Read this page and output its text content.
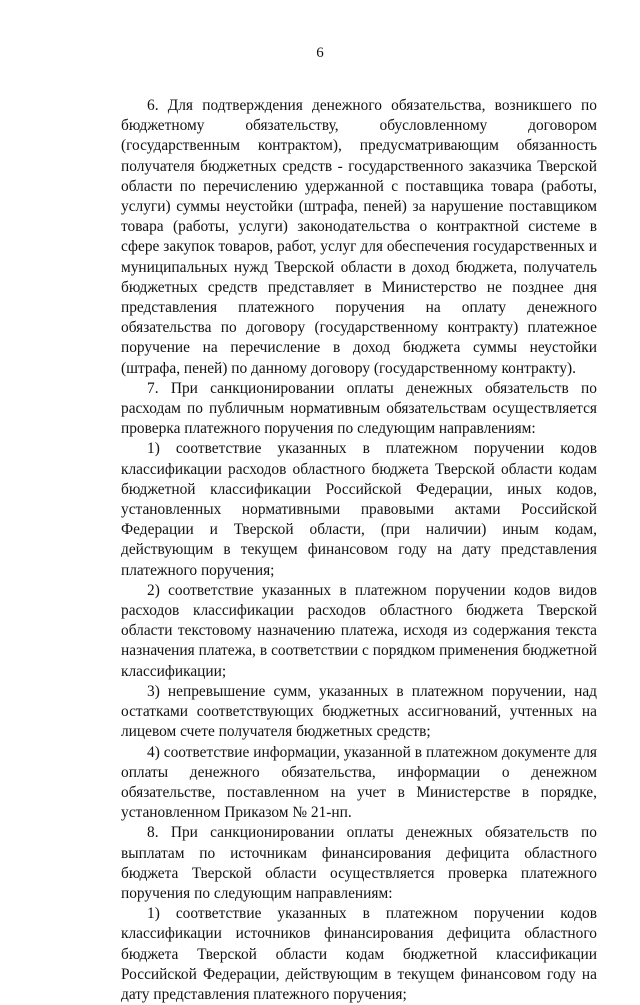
6

6. Для подтверждения денежного обязательства, возникшего по бюджетному обязательству, обусловленному договором (государственным контрактом), предусматривающим обязанность получателя бюджетных средств - государственного заказчика Тверской области по перечислению удержанной с поставщика товара (работы, услуги) суммы неустойки (штрафа, пеней) за нарушение поставщиком товара (работы, услуги) законодательства о контрактной системе в сфере закупок товаров, работ, услуг для обеспечения государственных и муниципальных нужд Тверской области в доход бюджета, получатель бюджетных средств представляет в Министерство не позднее дня представления платежного поручения на оплату денежного обязательства по договору (государственному контракту) платежное поручение на перечисление в доход бюджета суммы неустойки (штрафа, пеней) по данному договору (государственному контракту).

7. При санкционировании оплаты денежных обязательств по расходам по публичным нормативным обязательствам осуществляется проверка платежного поручения по следующим направлениям:

1) соответствие указанных в платежном поручении кодов классификации расходов областного бюджета Тверской области кодам бюджетной классификации Российской Федерации, иных кодов, установленных нормативными правовыми актами Российской Федерации и Тверской области, (при наличии) иным кодам, действующим в текущем финансовом году на дату представления платежного поручения;

2) соответствие указанных в платежном поручении кодов видов расходов классификации расходов областного бюджета Тверской области текстовому назначению платежа, исходя из содержания текста назначения платежа, в соответствии с порядком применения бюджетной классификации;

3) непревышение сумм, указанных в платежном поручении, над остатками соответствующих бюджетных ассигнований, учтенных на лицевом счете получателя бюджетных средств;

4) соответствие информации, указанной в платежном документе для оплаты денежного обязательства, информации о денежном обязательстве, поставленном на учет в Министерстве в порядке, установленном Приказом № 21-нп.

8. При санкционировании оплаты денежных обязательств по выплатам по источникам финансирования дефицита областного бюджета Тверской области осуществляется проверка платежного поручения по следующим направлениям:

1) соответствие указанных в платежном поручении кодов классификации источников финансирования дефицита областного бюджета Тверской области кодам бюджетной классификации Российской Федерации, действующим в текущем финансовом году на дату представления платежного поручения;
